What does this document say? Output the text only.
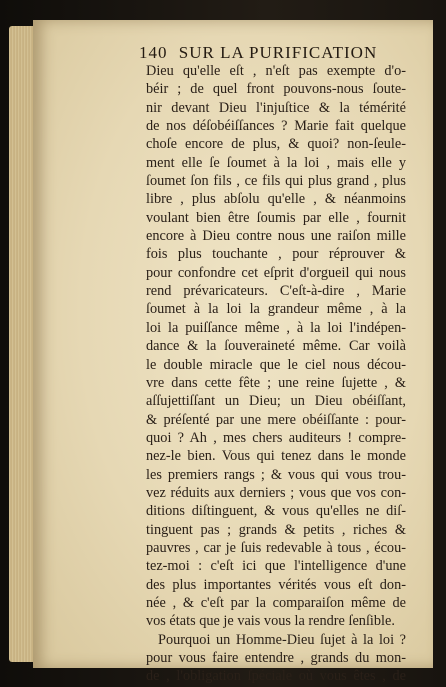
140 SUR LA PURIFICATION
Dieu qu'elle eſt , n'eſt pas exempte d'o-
béir ; de quel front pouvons-nous ſoute-
nir devant Dieu l'injuſtice & la témérité
de nos déſobéiſſances ? Marie fait quelque
choſe encore de plus, & quoi? non-ſeule-
ment elle ſe ſoumet à la loi , mais elle y
ſoumet ſon fils , ce fils qui plus grand , plus
libre , plus abſolu qu'elle , & néanmoins
voulant bien être ſoumis par elle , fournit
encore à Dieu contre nous une raiſon mille
fois plus touchante , pour réprouver &
pour confondre cet eſprit d'orgueil qui nous
rend prévaricateurs. C'eſt-à-dire , Marie
ſoumet à la loi la grandeur même , à la
loi la puiſſance même , à la loi l'indépen-
dance & la ſouveraineté même. Car voilà
le double miracle que le ciel nous décou-
vre dans cette fête ; une reine ſujette , &
aſſujettiſſant un Dieu; un Dieu obéiſſant,
& préſenté par une mere obéiſſante : pour-
quoi ? Ah , mes chers auditeurs ! compre-
nez-le bien. Vous qui tenez dans le monde
les premiers rangs ; & vous qui vous trou-
vez réduits aux derniers ; vous que vos con-
ditions diſtinguent, & vous qu'elles ne diſ-
tinguent pas ; grands & petits , riches &
pauvres , car je ſuis redevable à tous , écou-
tez-moi : c'eſt ici que l'intelligence d'une
des plus importantes vérités vous eſt don-
née , & c'eſt par la comparaiſon même de
vos états que je vais vous la rendre ſenſible.
Pourquoi un Homme-Dieu ſujet à la loi ?
pour vous faire entendre , grands du mon-
de , l'obligation ſpéciale où vous êtes , de
